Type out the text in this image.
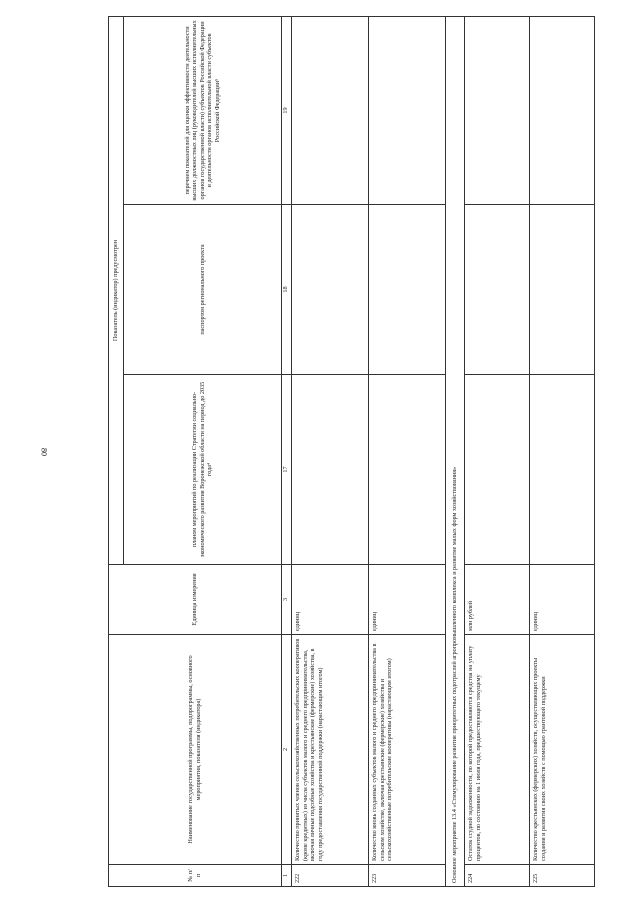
80
№ п/п	Наименование государственной программы, подпрограммы, основного мероприятия, показателя (индикатора)	Единица измерения	Показатель (индикатор) предусмотрен		
			планом мероприятий по реализации Стратегии социально-экономического развития Воронежской области на период до 2035 года⁴	паспортом регионального проекта	перечнем показателей для оценки эффективности деятельности высших должностных лиц (руководителей высших исполнительных органов государственной власти) субъектов Российской Федерации и деятельности органов исполнительной власти субъектов Российской Федерации⁵
1	2	3	17	18	19
222	Количество принятых членов сельскохозяйственных потребительских кооперативов (кроме кредитных) из числа субъектов малого и среднего предпринимательства, включая личные подсобные хозяйства и крестьянские (фермерские) хозяйства, в году предоставления государственной поддержки (нарастающим итогом)	единиц			
223	Количество вновь созданных субъектов малого и среднего предпринимательства в сельском хозяйстве, включая крестьянские (фермерские) хозяйства и сельскохозяйственные потребительские кооперативы (нарастающим итогом)	единиц			
Основное мероприятие 13.4 «Стимулирование развития приоритетных подотраслей агропромышленного комплекса и развитие малых форм хозяйствования»					
224	Остаток ссудной задолженности, по которой предоставляются средства на уплату процентов, по состоянию на 1 июля года, предшествующего текущему	млн рублей			
225	Количество крестьянских (фермерских) хозяйств, осуществляющих проекты создания и развития своих хозяйств с помощью грантовой поддержки	единиц			
